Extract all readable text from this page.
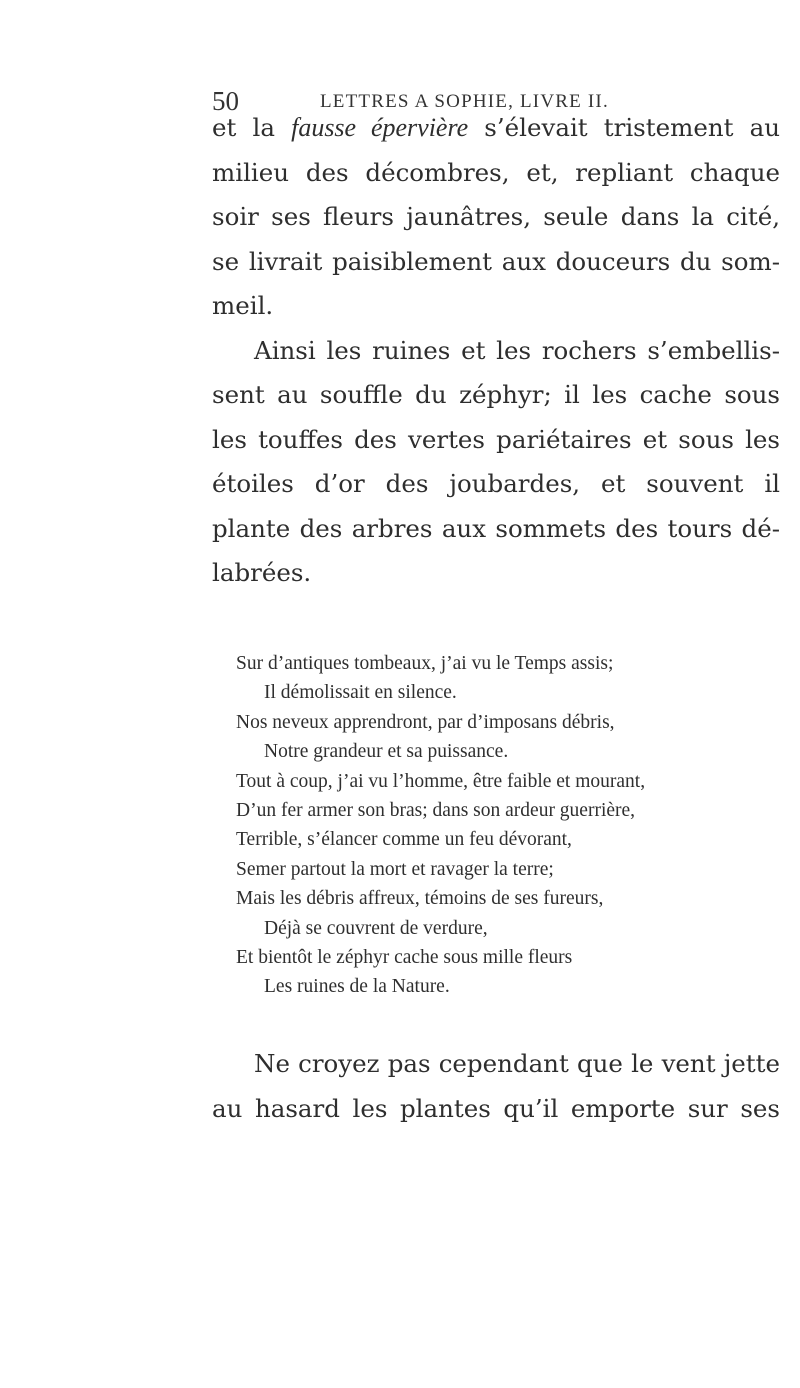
50	LETTRES A SOPHIE, LIVRE II.

et la fausse épervière s’élevait tristement au
milieu des décombres, et, repliant chaque
soir ses fleurs jaunâtres, seule dans la cité,
se livrait paisiblement aux douceurs du som-
meil.

Ainsi les ruines et les rochers s’embellis-
sent au souffle du zéphyr; il les cache sous
les touffes des vertes pariétaires et sous les
étoiles d’or des joubardes, et souvent il
plante des arbres aux sommets des tours dé-
labrées.

Sur d’antiques tombeaux, j’ai vu le Temps assis;
Il démolissait en silence.
Nos neveux apprendront, par d’imposans débris,
Notre grandeur et sa puissance.
Tout à coup, j’ai vu l’homme, être faible et mourant,
D’un fer armer son bras; dans son ardeur guerrière,
Terrible, s’élancer comme un feu dévorant,
Semer partout la mort et ravager la terre;
Mais les débris affreux, témoins de ses fureurs,
Déjà se couvrent de verdure,
Et bientôt le zéphyr cache sous mille fleurs
Les ruines de la Nature.

Ne croyez pas cependant que le vent jette
au hasard les plantes qu’il emporte sur ses
